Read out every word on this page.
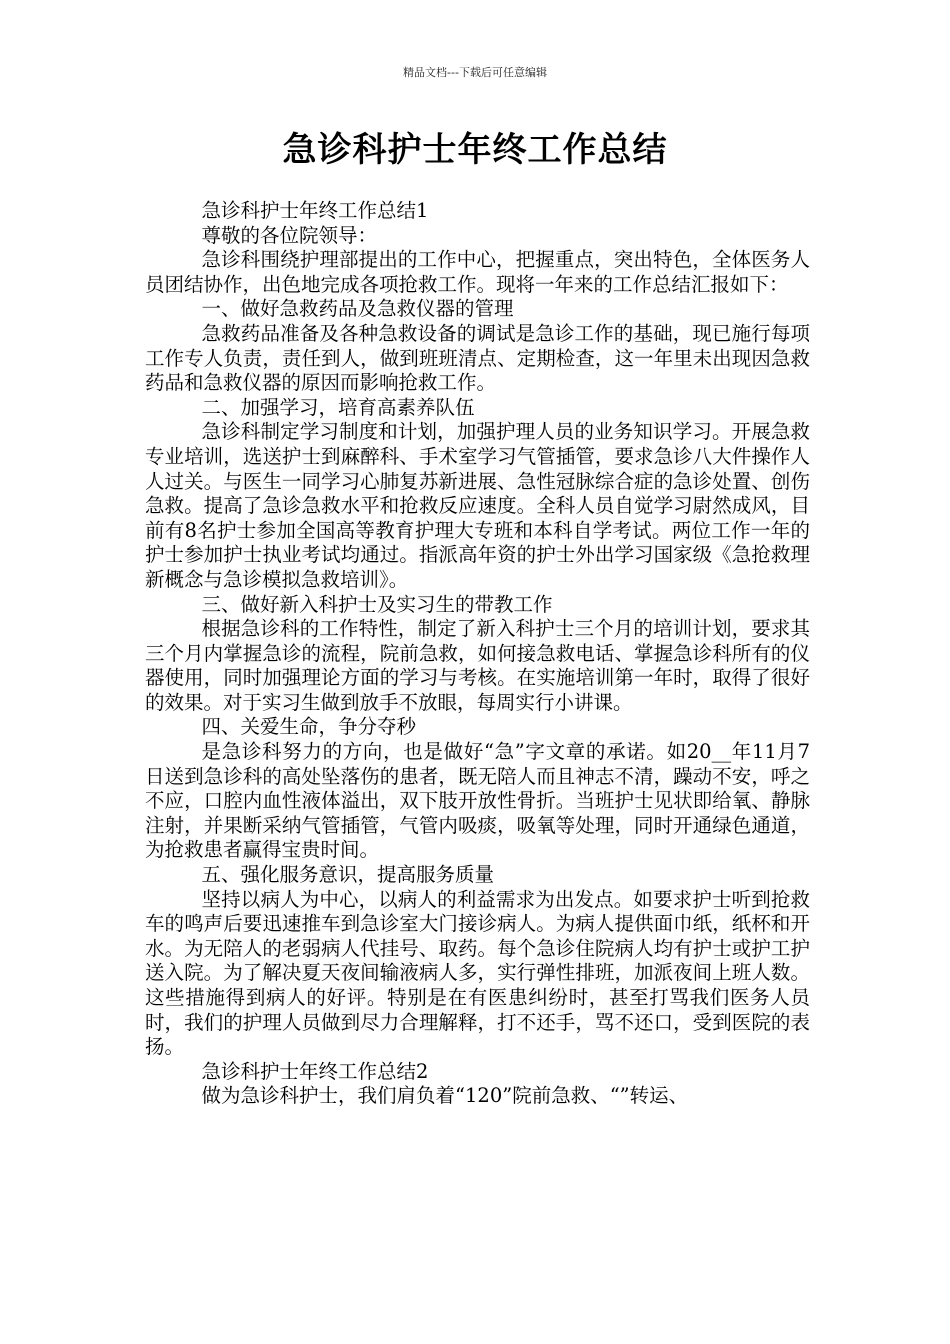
精品文档---下载后可任意编辑
急诊科护士年终工作总结

急诊科护士年终工作总结1

尊敬的各位院领导：

急诊科围绕护理部提出的工作中心，把握重点，突出特色，全体医务人员团结协作，出色地完成各项抢救工作。现将一年来的工作总结汇报如下：

一、做好急救药品及急救仪器的管理

急救药品准备及各种急救设备的调试是急诊工作的基础，现已施行每项工作专人负责，责任到人，做到班班清点、定期检查，这一年里未出现因急救药品和急救仪器的原因而影响抢救工作。

二、加强学习，培育高素养队伍

急诊科制定学习制度和计划，加强护理人员的业务知识学习。开展急救专业培训，选送护士到麻醉科、手术室学习气管插管，要求急诊八大件操作人人过关。与医生一同学习心肺复苏新进展、急性冠脉综合症的急诊处置、创伤急救。提高了急诊急救水平和抢救反应速度。全科人员自觉学习尉然成风，目前有8名护士参加全国高等教育护理大专班和本科自学考试。两位工作一年的护士参加护士执业考试均通过。指派高年资的护士外出学习国家级《急抢救理新概念与急诊模拟急救培训》。

三、做好新入科护士及实习生的带教工作

根据急诊科的工作特性，制定了新入科护士三个月的培训计划，要求其三个月内掌握急诊的流程，院前急救，如何接急救电话、掌握急诊科所有的仪器使用，同时加强理论方面的学习与考核。在实施培训第一年时，取得了很好的效果。对于实习生做到放手不放眼，每周实行小讲课。

四、关爱生命，争分夺秒

是急诊科努力的方向，也是做好“急”字文章的承诺。如20__年11月7日送到急诊科的高处坠落伤的患者，既无陪人而且神志不清，躁动不安，呼之不应，口腔内血性液体溢出，双下肢开放性骨折。当班护士见状即给氧、静脉注射，并果断采纳气管插管，气管内吸痰，吸氧等处理，同时开通绿色通道，为抢救患者赢得宝贵时间。

五、强化服务意识，提高服务质量

坚持以病人为中心，以病人的利益需求为出发点。如要求护士听到抢救车的鸣声后要迅速推车到急诊室大门接诊病人。为病人提供面巾纸，纸杯和开水。为无陪人的老弱病人代挂号、取药。每个急诊住院病人均有护士或护工护送入院。为了解决夏天夜间输液病人多，实行弹性排班，加派夜间上班人数。这些措施得到病人的好评。特别是在有医患纠纷时，甚至打骂我们医务人员时，我们的护理人员做到尽力合理解释，打不还手，骂不还口，受到医院的表扬。

急诊科护士年终工作总结2

做为急诊科护士，我们肩负着“120”院前急救、“”转运、
